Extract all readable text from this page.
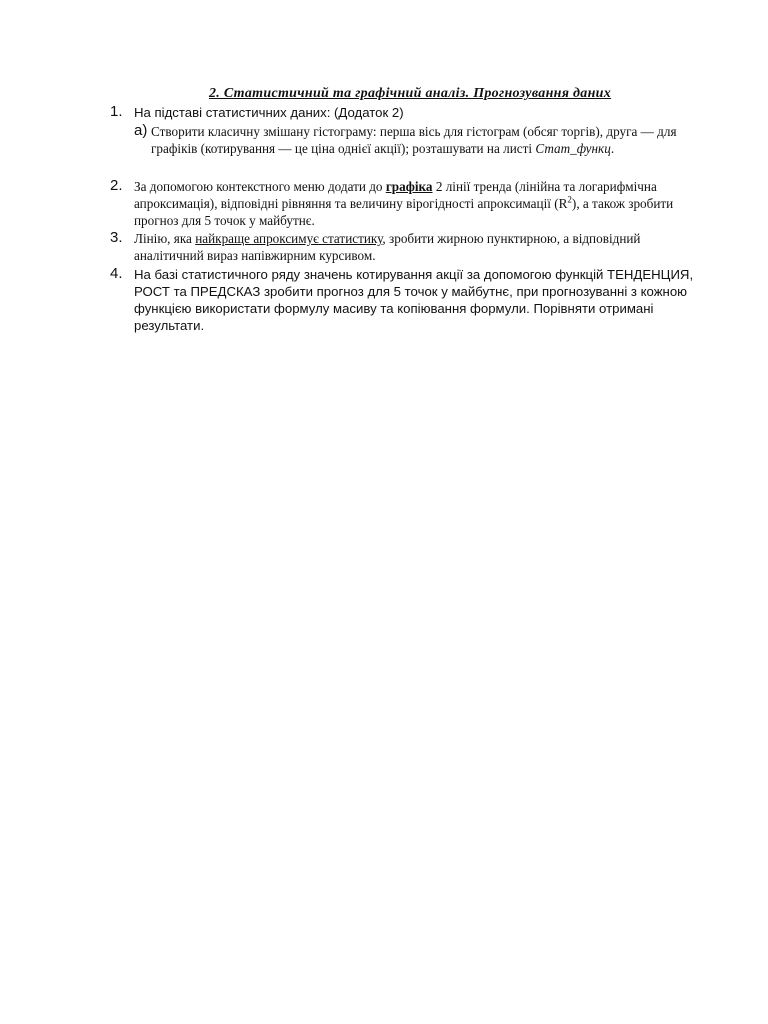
2. Статистичний та графічний аналіз. Прогнозування даних
1. На підставі статистичних даних: (Додаток 2)
а) Створити класичну змішану гістограму: перша вісь для гістограм (обсяг торгів), друга — для графіків (котирування — це ціна однієї акції); розташувати на листі Стат_функц.
2. За допомогою контекстного меню додати до графіка 2 лінії тренда (лінійна та логарифмічна апроксимація), відповідні рівняння та величину вірогідності апроксимації $(R^2)$, а також зробити прогноз для 5 точок у майбутнє.
3. Лінію, яка найкраще апроксимує статистику, зробити жирною пунктирною, а відповідний аналітичний вираз напівжирним курсивом.
4. На базі статистичного ряду значень котирування акції за допомогою функцій ТЕНДЕНЦИЯ, РОСТ та ПРЕДСКАЗ зробити прогноз для 5 точок у майбутнє, при прогнозуванні з кожною функцією використати формулу масиву та копіювання формули. Порівняти отримані результати.
